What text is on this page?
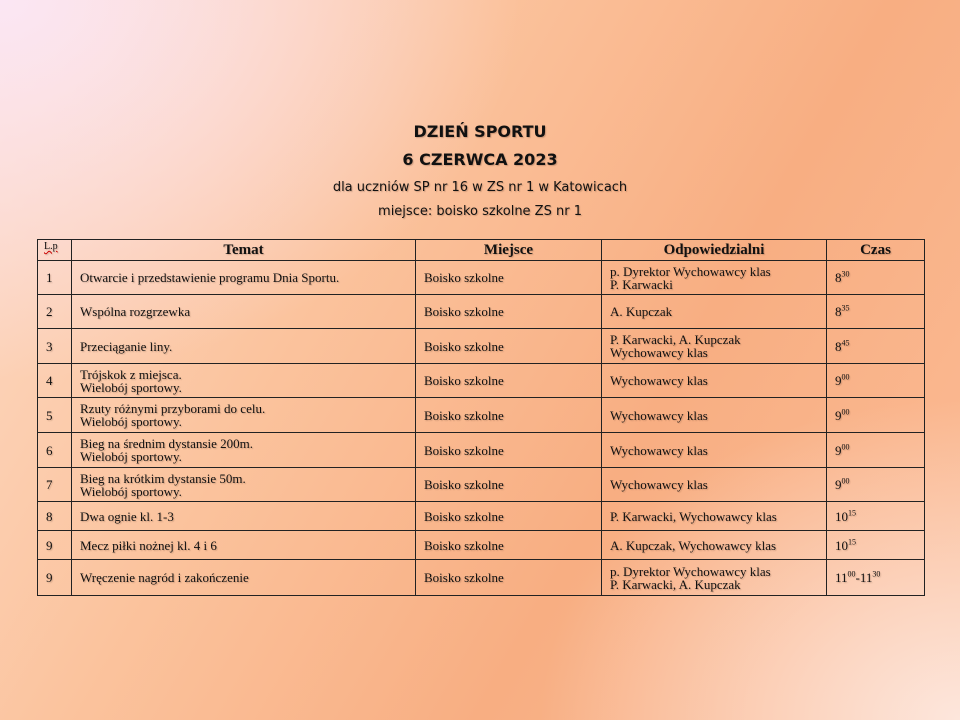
DZIEŃ SPORTU
6 CZERWCA 2023
dla uczniów SP nr 16 w ZS nr 1 w Katowicach
miejsce: boisko szkolne ZS nr 1
L.p	Temat	Miejsce	Odpowiedzialni	Czas
1	Otwarcie i przedstawienie programu Dnia Sportu.	Boisko szkolne	p. Dyrektor Wychowawcy klas
P. Karwacki	$8^{30}$
2	Wspólna rozgrzewka	Boisko szkolne	A. Kupczak	$8^{35}$
3	Przeciąganie liny.	Boisko szkolne	P. Karwacki, A. Kupczak
Wychowawcy klas	$8^{45}$
4	Trójskok z miejsca.
Wielobój sportowy.	Boisko szkolne	Wychowawcy klas	$9^{00}$
5	Rzuty różnymi przyborami do celu.
Wielobój sportowy.	Boisko szkolne	Wychowawcy klas	$9^{00}$
6	Bieg na średnim dystansie 200m.
Wielobój sportowy.	Boisko szkolne	Wychowawcy klas	$9^{00}$
7	Bieg na krótkim dystansie 50m.
Wielobój sportowy.	Boisko szkolne	Wychowawcy klas	$9^{00}$
8	Dwa ognie kl. 1-3	Boisko szkolne	P. Karwacki, Wychowawcy klas	$10^{15}$
9	Mecz piłki nożnej kl. 4 i 6	Boisko szkolne	A. Kupczak, Wychowawcy klas	$10^{15}$
9	Wręczenie nagród i zakończenie	Boisko szkolne	p. Dyrektor Wychowawcy klas
P. Karwacki, A. Kupczak	$11^{00}-11^{30}$
